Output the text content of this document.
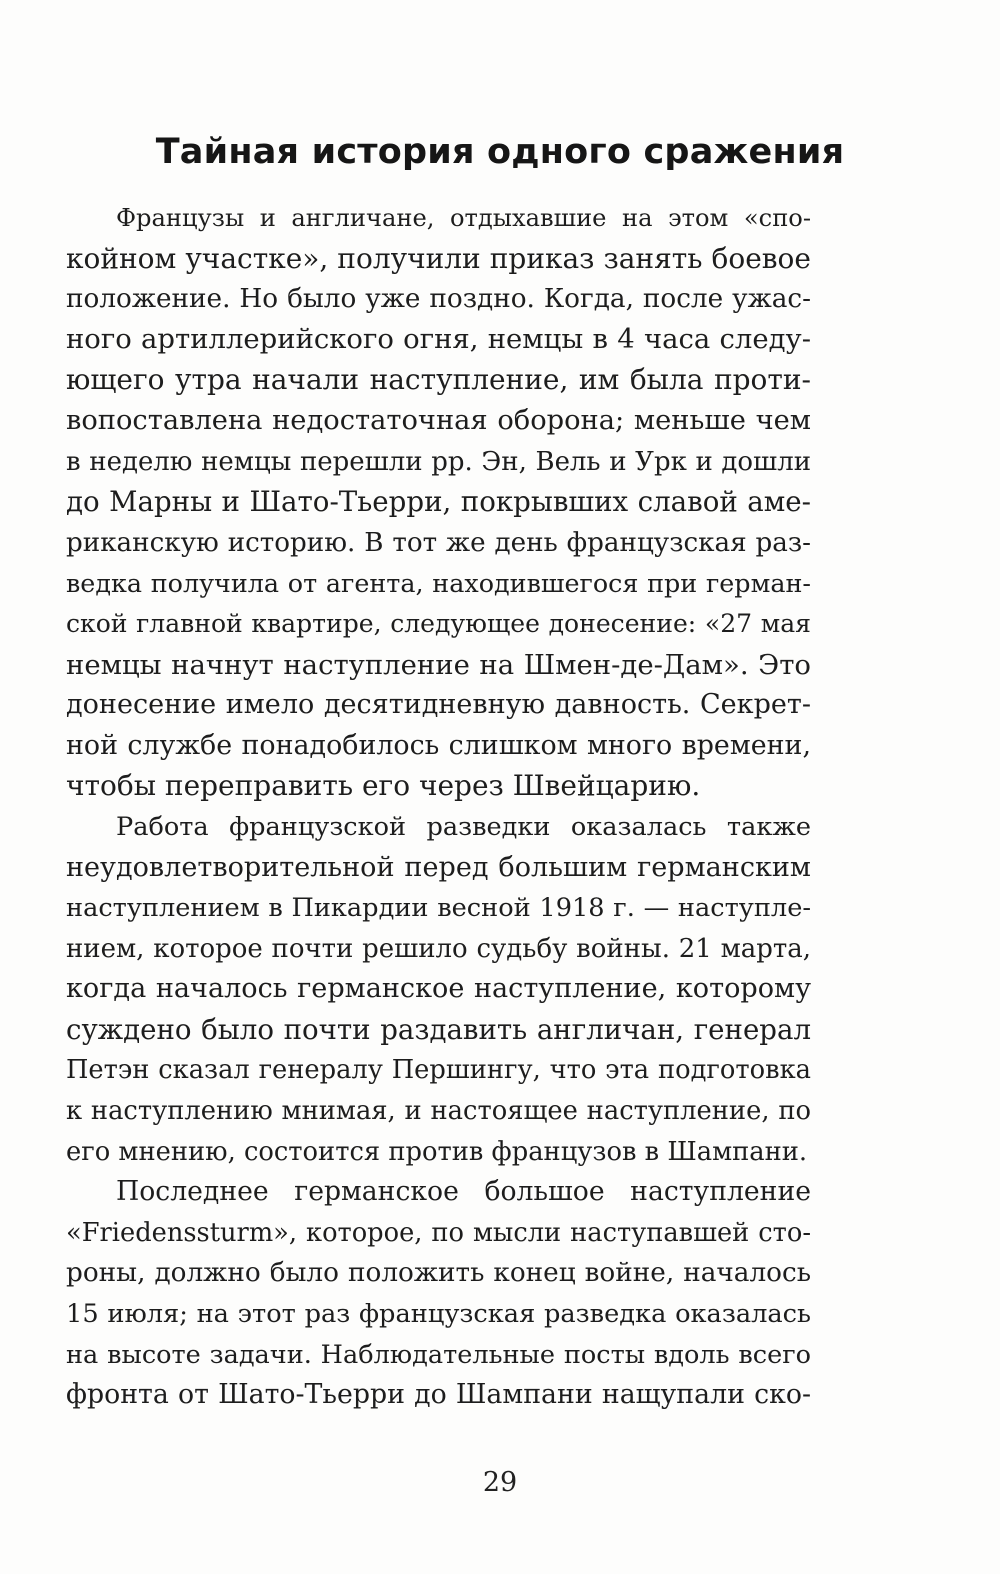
Тайная история одного сражения
Французы и англичане, отдыхавшие на этом «спо-
койном участке», получили приказ занять боевое
положение. Но было уже поздно. Когда, после ужас-
ного артиллерийского огня, немцы в 4 часа следу-
ющего утра начали наступление, им была проти-
вопоставлена недостаточная оборона; меньше чем
в неделю немцы перешли рр. Эн, Вель и Урк и дошли
до Марны и Шато-Тьерри, покрывших славой аме-
риканскую историю. В тот же день французская раз-
ведка получила от агента, находившегося при герман-
ской главной квартире, следующее донесение: «27 мая
немцы начнут наступление на Шмен-де-Дам». Это
донесение имело десятидневную давность. Секрет-
ной службе понадобилось слишком много времени,
чтобы переправить его через Швейцарию.
Работа французской разведки оказалась также
неудовлетворительной перед большим германским
наступлением в Пикардии весной 1918 г. — наступле-
нием, которое почти решило судьбу войны. 21 марта,
когда началось германское наступление, которому
суждено было почти раздавить англичан, генерал
Петэн сказал генералу Першингу, что эта подготовка
к наступлению мнимая, и настоящее наступление, по
его мнению, состоится против французов в Шампани.
Последнее германское большое наступление
«Friedenssturm», которое, по мысли наступавшей сто-
роны, должно было положить конец войне, началось
15 июля; на этот раз французская разведка оказалась
на высоте задачи. Наблюдательные посты вдоль всего
фронта от Шато-Тьерри до Шампани нащупали ско-
29
